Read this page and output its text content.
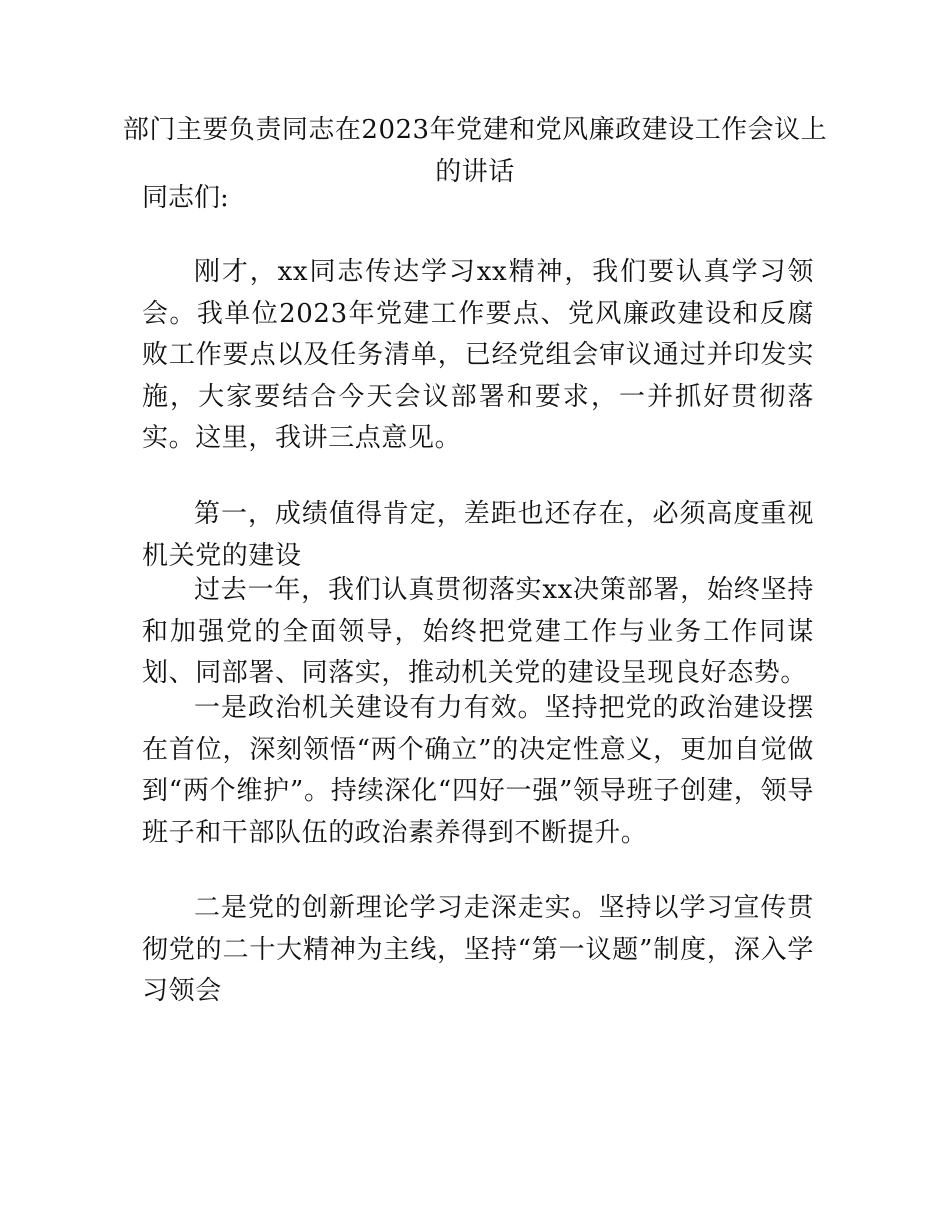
部门主要负责同志在2023年党建和党风廉政建设工作会议上
的讲话

同志们:

刚才，xx同志传达学习xx精神，我们要认真学习领会。我单位2023年党建工作要点、党风廉政建设和反腐败工作要点以及任务清单，已经党组会审议通过并印发实施，大家要结合今天会议部署和要求，一并抓好贯彻落实。这里，我讲三点意见。

第一，成绩值得肯定，差距也还存在，必须高度重视机关党的建设

过去一年，我们认真贯彻落实xx决策部署，始终坚持和加强党的全面领导，始终把党建工作与业务工作同谋划、同部署、同落实，推动机关党的建设呈现良好态势。

一是政治机关建设有力有效。坚持把党的政治建设摆在首位，深刻领悟“两个确立”的决定性意义，更加自觉做到“两个维护”。持续深化“四好一强”领导班子创建，领导班子和干部队伍的政治素养得到不断提升。

二是党的创新理论学习走深走实。坚持以学习宣传贯彻党的二十大精神为主线，坚持“第一议题”制度，深入学习领会
